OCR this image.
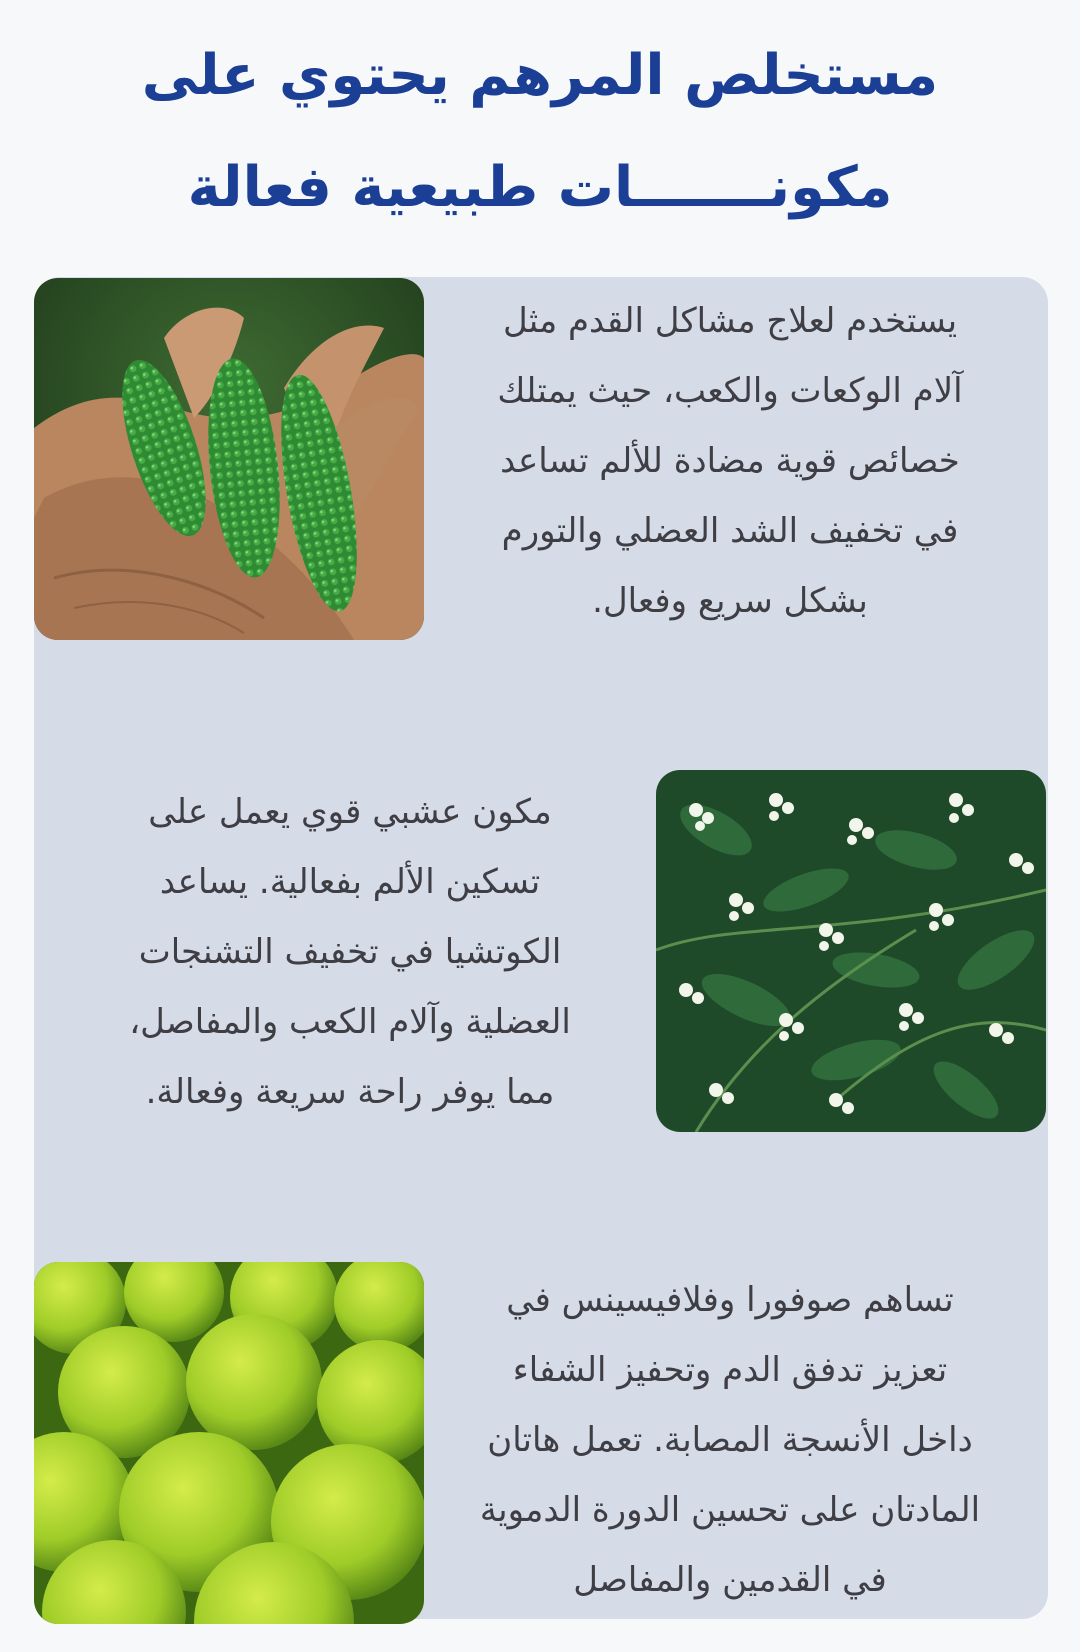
مستخلص المرهم يحتوي على
مكونـــــــات طبيعية فعالة
يستخدم لعلاج مشاكل القدم مثل
آلام الوكعات والكعب، حيث يمتلك
خصائص قوية مضادة للألم تساعد
في تخفيف الشد العضلي والتورم
بشكل سريع وفعال.
مكون عشبي قوي يعمل على
تسكين الألم بفعالية. يساعد
الكوتشيا في تخفيف التشنجات
العضلية وآلام الكعب والمفاصل،
مما يوفر راحة سريعة وفعالة.
تساهم صوفورا وفلافيسينس في
تعزيز تدفق الدم وتحفيز الشفاء
داخل الأنسجة المصابة. تعمل هاتان
المادتان على تحسين الدورة الدموية
في القدمين والمفاصل
